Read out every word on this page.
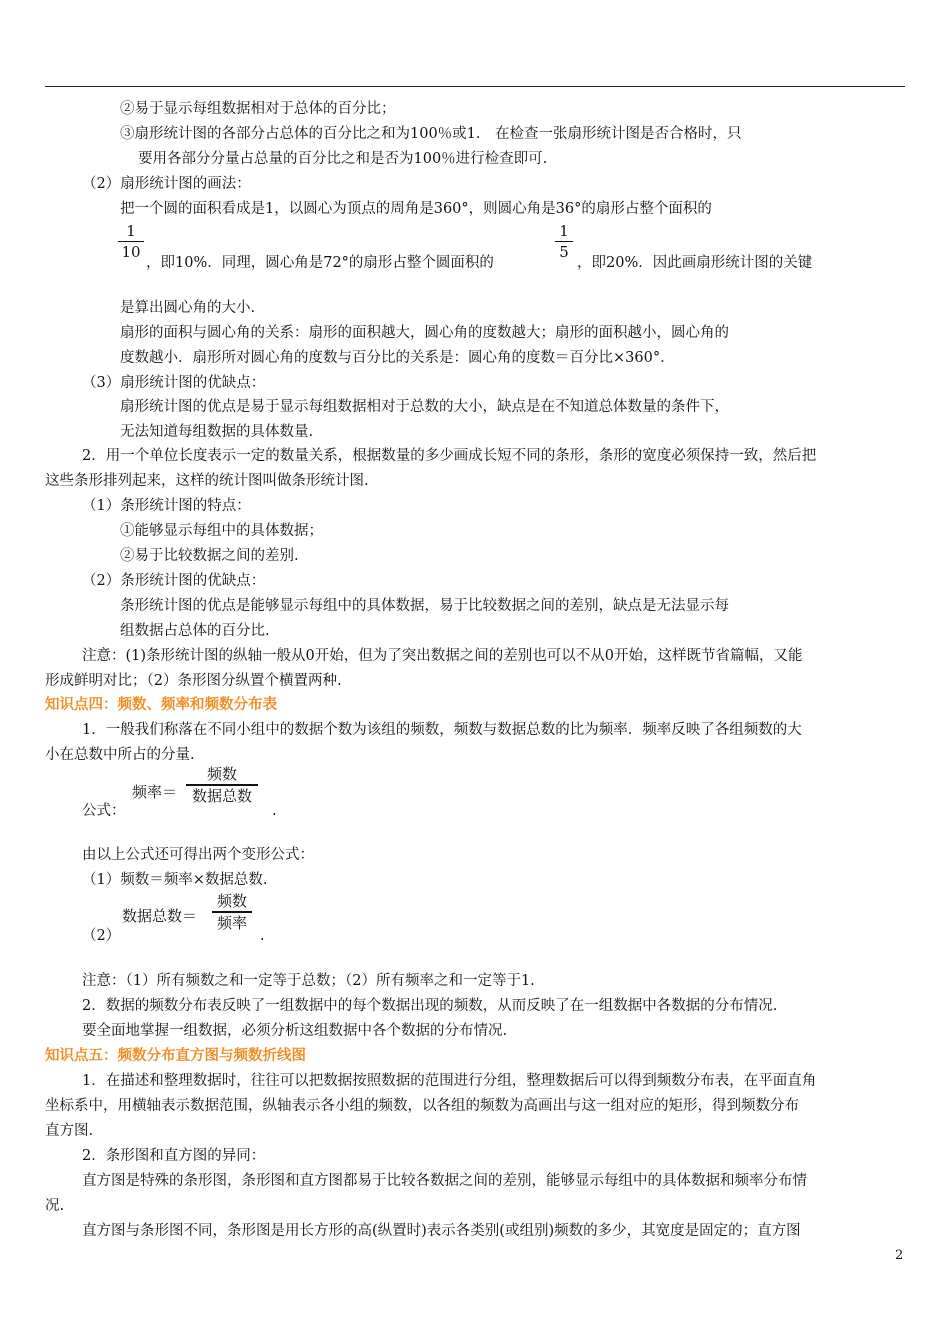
②易于显示每组数据相对于总体的百分比；
③扇形统计图的各部分占总体的百分比之和为100％或1． 在检查一张扇形统计图是否合格时，只
要用各部分分量占总量的百分比之和是否为100％进行检查即可.
（2）扇形统计图的画法：
把一个圆的面积看成是1，以圆心为顶点的周角是360°，则圆心角是36°的扇形占整个面积的
1
10
，即10%．同理，圆心角是72°的扇形占整个圆面积的
1
5
，即20%．因此画扇形统计图的关键
是算出圆心角的大小.
扇形的面积与圆心角的关系：扇形的面积越大，圆心角的度数越大；扇形的面积越小，圆心角的
度数越小．扇形所对圆心角的度数与百分比的关系是：圆心角的度数＝百分比×360°．
（3）扇形统计图的优缺点：
扇形统计图的优点是易于显示每组数据相对于总数的大小，缺点是在不知道总体数量的条件下，
无法知道每组数据的具体数量.
2．用一个单位长度表示一定的数量关系，根据数量的多少画成长短不同的条形，条形的宽度必须保持一致，然后把
这些条形排列起来，这样的统计图叫做条形统计图.
（1）条形统计图的特点：
①能够显示每组中的具体数据；
②易于比较数据之间的差别.
（2）条形统计图的优缺点：
条形统计图的优点是能够显示每组中的具体数据，易于比较数据之间的差别，缺点是无法显示每
组数据占总体的百分比.
注意：(1)条形统计图的纵轴一般从0开始，但为了突出数据之间的差别也可以不从0开始，这样既节省篇幅，又能
形成鲜明对比；（2）条形图分纵置个横置两种.
知识点四：频数、频率和频数分布表
1．一般我们称落在不同小组中的数据个数为该组的频数，频数与数据总数的比为频率．频率反映了各组频数的大
小在总数中所占的分量.
公式：
频率＝
频数
数据总数
.
由以上公式还可得出两个变形公式：
（1）频数＝频率×数据总数.
（2）
数据总数＝
频数
频率
.
注意：（1）所有频数之和一定等于总数；（2）所有频率之和一定等于1.
2．数据的频数分布表反映了一组数据中的每个数据出现的频数，从而反映了在一组数据中各数据的分布情况.
要全面地掌握一组数据，必须分析这组数据中各个数据的分布情况.
知识点五：频数分布直方图与频数折线图
1．在描述和整理数据时，往往可以把数据按照数据的范围进行分组，整理数据后可以得到频数分布表，在平面直角
坐标系中，用横轴表示数据范围，纵轴表示各小组的频数，以各组的频数为高画出与这一组对应的矩形，得到频数分布
直方图.
2．条形图和直方图的异同：
直方图是特殊的条形图，条形图和直方图都易于比较各数据之间的差别，能够显示每组中的具体数据和频率分布情
况.
直方图与条形图不同，条形图是用长方形的高(纵置时)表示各类别(或组别)频数的多少，其宽度是固定的；直方图
2
